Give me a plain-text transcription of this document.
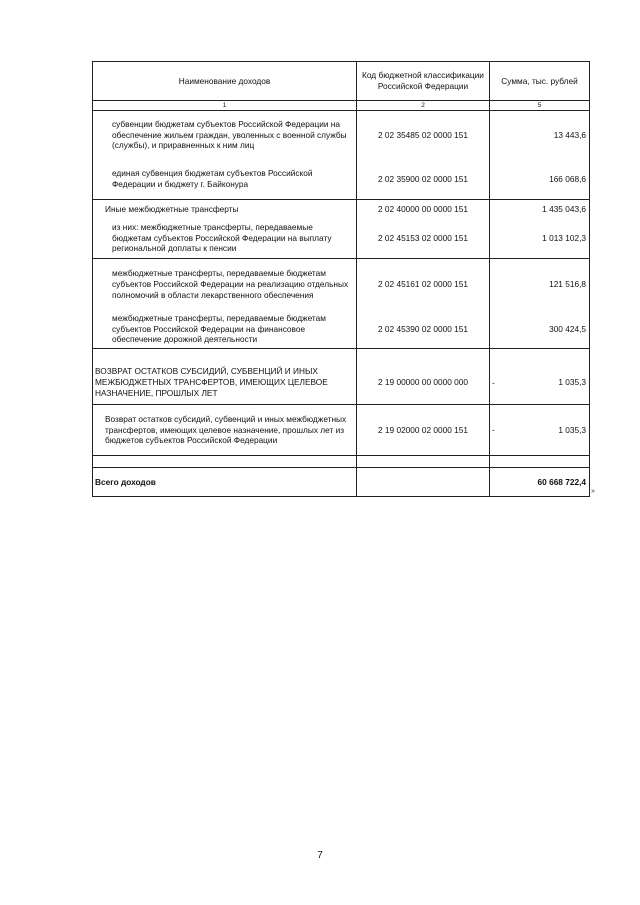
Наименование доходов	Код бюджетной классификации Российской Федерации	Сумма, тыс. рублей
1	2	5
субвенции бюджетам субъектов Российской Федерации на обеспечение жильем граждан, уволенных с военной службы (службы), и приравненных к ним лиц	2 02 35485 02 0000 151	13 443,6
единая субвенция бюджетам субъектов Российской Федерации и бюджету г. Байконура	2 02 35900 02 0000 151	166 068,6
Иные межбюджетные трансферты	2 02 40000 00 0000 151	1 435 043,6
из них: межбюджетные трансферты, передаваемые бюджетам субъектов Российской Федерации на выплату региональной доплаты к пенсии	2 02 45153 02 0000 151	1 013 102,3
межбюджетные трансферты, передаваемые бюджетам субъектов Российской Федерации на реализацию отдельных полномочий в области лекарственного обеспечения	2 02 45161 02 0000 151	121 516,8
межбюджетные трансферты, передаваемые бюджетам субъектов Российской Федерации на финансовое обеспечение дорожной деятельности	2 02 45390 02 0000 151	300 424,5

ВОЗВРАТ ОСТАТКОВ СУБСИДИЙ, СУБВЕНЦИЙ И ИНЫХ МЕЖБЮДЖЕТНЫХ ТРАНСФЕРТОВ, ИМЕЮЩИХ ЦЕЛЕВОЕ НАЗНАЧЕНИЕ, ПРОШЛЫХ ЛЕТ	2 19 00000 00 0000 000	- 1 035,3
Возврат остатков субсидий, субвенций и иных межбюджетных трансфертов, имеющих целевое назначение, прошлых лет из бюджетов субъектов Российской Федерации	2 19 02000 02 0000 151	- 1 035,3

Всего доходов		60 668 722,4
»
7
